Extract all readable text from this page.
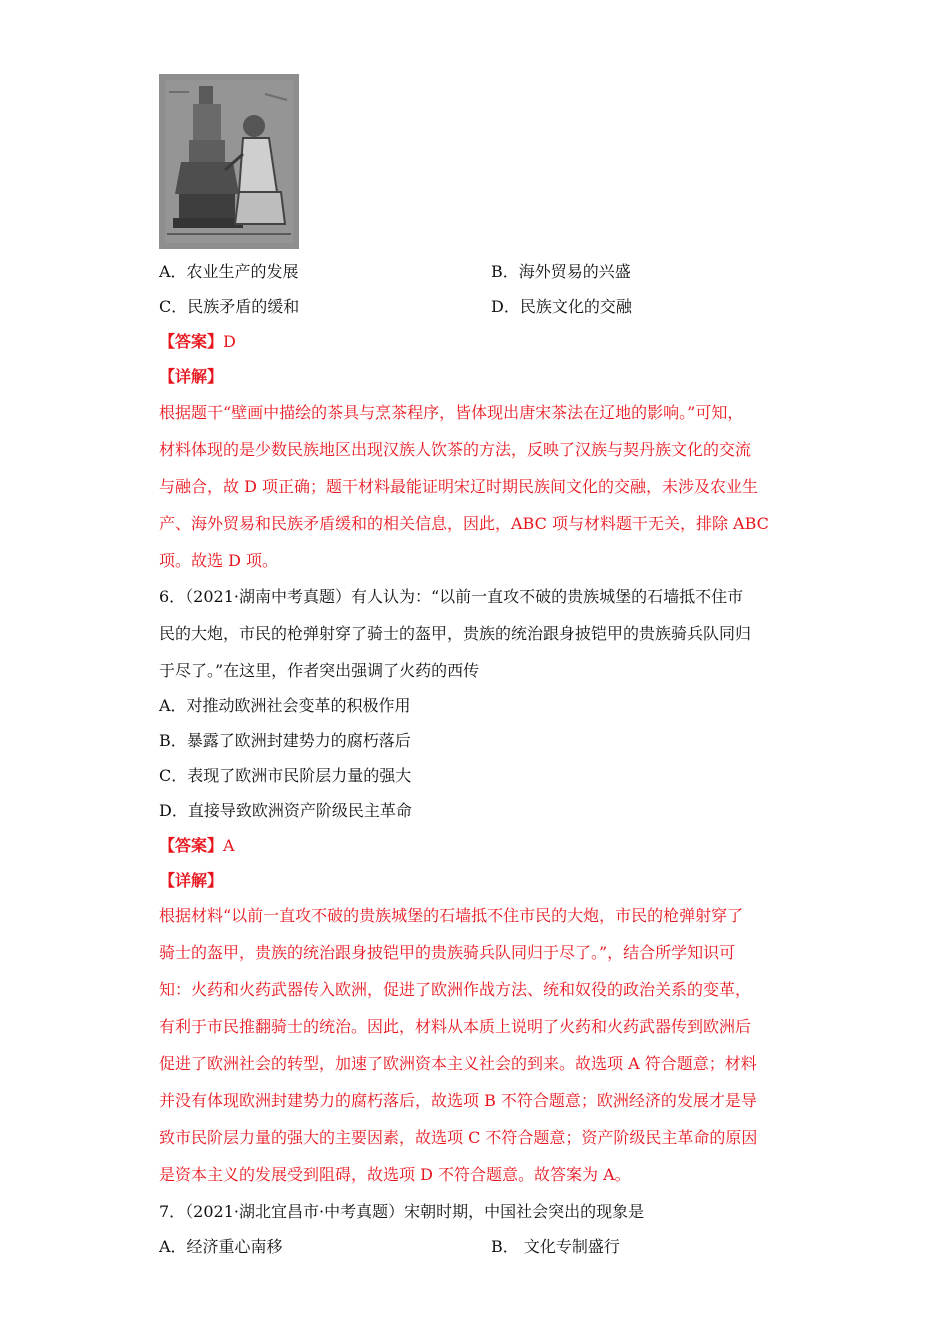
A．农业生产的发展	B．海外贸易的兴盛
C．民族矛盾的缓和	D．民族文化的交融
【答案】D
【详解】
根据题干“壁画中描绘的茶具与烹茶程序，皆体现出唐宋茶法在辽地的影响。”可知，
材料体现的是少数民族地区出现汉族人饮茶的方法，反映了汉族与契丹族文化的交流
与融合，故 D 项正确；题干材料最能证明宋辽时期民族间文化的交融，未涉及农业生
产、海外贸易和民族矛盾缓和的相关信息，因此，ABC 项与材料题干无关，排除 ABC
项。故选 D 项。
6．（2021·湖南中考真题）有人认为：“以前一直攻不破的贵族城堡的石墙抵不住市
民的大炮，市民的枪弹射穿了骑士的盔甲，贵族的统治跟身披铠甲的贵族骑兵队同归
于尽了。”在这里，作者突出强调了火药的西传
A．对推动欧洲社会变革的积极作用
B．暴露了欧洲封建势力的腐朽落后
C．表现了欧洲市民阶层力量的强大
D．直接导致欧洲资产阶级民主革命
【答案】A
【详解】
根据材料“以前一直攻不破的贵族城堡的石墙抵不住市民的大炮，市民的枪弹射穿了
骑士的盔甲，贵族的统治跟身披铠甲的贵族骑兵队同归于尽了。”，结合所学知识可
知：火药和火药武器传入欧洲，促进了欧洲作战方法、统和奴役的政治关系的变革，
有利于市民推翻骑士的统治。因此，材料从本质上说明了火药和火药武器传到欧洲后
促进了欧洲社会的转型，加速了欧洲资本主义社会的到来。故选项 A 符合题意；材料
并没有体现欧洲封建势力的腐朽落后，故选项 B 不符合题意；欧洲经济的发展才是导
致市民阶层力量的强大的主要因素，故选项 C 不符合题意；资产阶级民主革命的原因
是资本主义的发展受到阻碍，故选项 D 不符合题意。故答案为 A。
7．（2021·湖北宜昌市·中考真题）宋朝时期，中国社会突出的现象是
A．经济重心南移	B． 文化专制盛行
